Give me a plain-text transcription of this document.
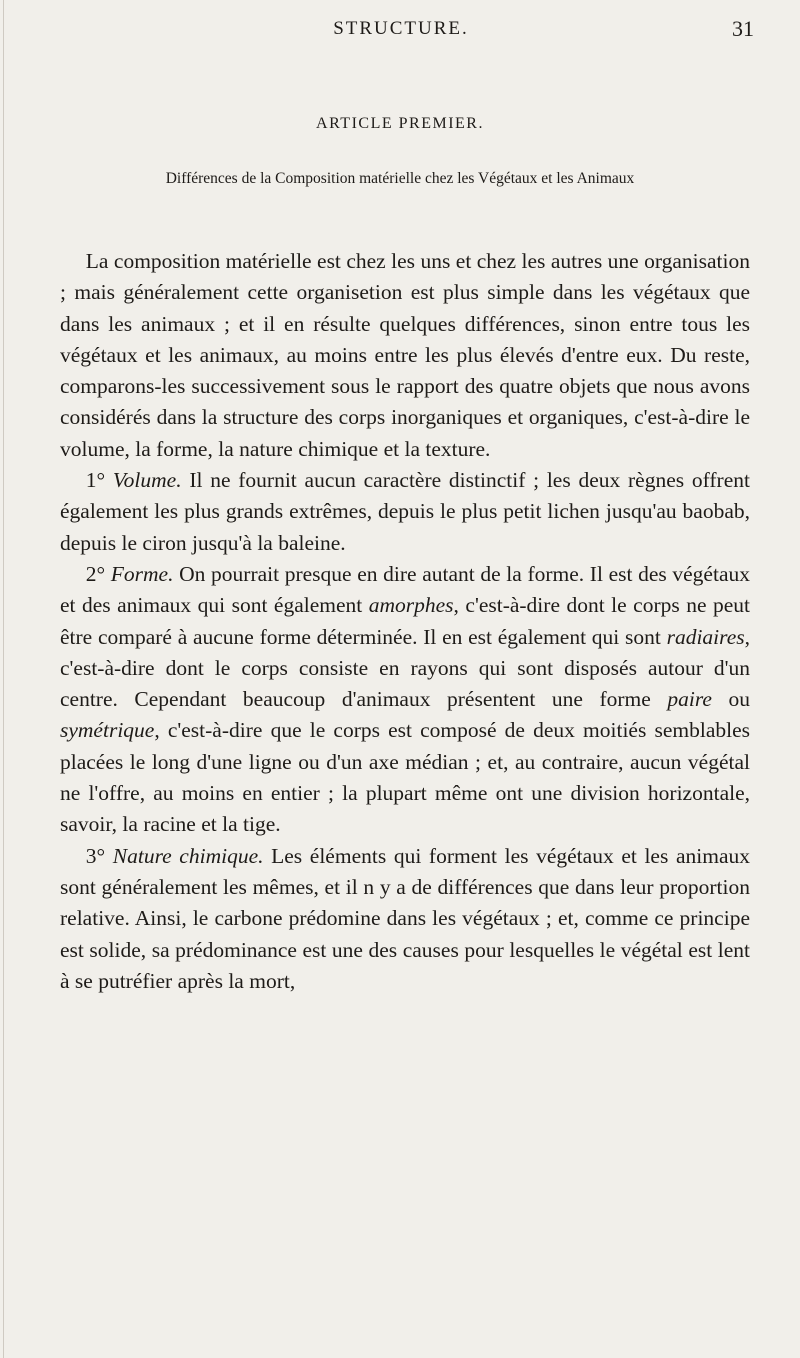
STRUCTURE.	31
ARTICLE PREMIER.
Différences de la Composition matérielle chez les Végétaux et les Animaux

La composition matérielle est chez les uns et chez les autres une organisation ; mais généralement cette organisetion est plus simple dans les végétaux que dans les animaux ; et il en résulte quelques différences, sinon entre tous les végétaux et les animaux, au moins entre les plus élevés d'entre eux. Du reste, comparons-les successivement sous le rapport des quatre objets que nous avons considérés dans la structure des corps inorganiques et organiques, c'est-à-dire le volume, la forme, la nature chimique et la texture.

1° Volume. Il ne fournit aucun caractère distinctif ; les deux règnes offrent également les plus grands extrêmes, depuis le plus petit lichen jusqu'au baobab, depuis le ciron jusqu'à la baleine.

2° Forme. On pourrait presque en dire autant de la forme. Il est des végétaux et des animaux qui sont également amorphes, c'est-à-dire dont le corps ne peut être comparé à aucune forme déterminée. Il en est également qui sont radiaires, c'est-à-dire dont le corps consiste en rayons qui sont disposés autour d'un centre. Cependant beaucoup d'animaux présentent une forme paire ou symétrique, c'est-à-dire que le corps est composé de deux moitiés semblables placées le long d'une ligne ou d'un axe médian ; et, au contraire, aucun végétal ne l'offre, au moins en entier ; la plupart même ont une division horizontale, savoir, la racine et la tige.

3° Nature chimique. Les éléments qui forment les végétaux et les animaux sont généralement les mêmes, et il n y a de différences que dans leur proportion relative. Ainsi, le carbone prédomine dans les végétaux ; et, comme ce principe est solide, sa prédominance est une des causes pour lesquelles le végétal est lent à se putréfier après la mort,
